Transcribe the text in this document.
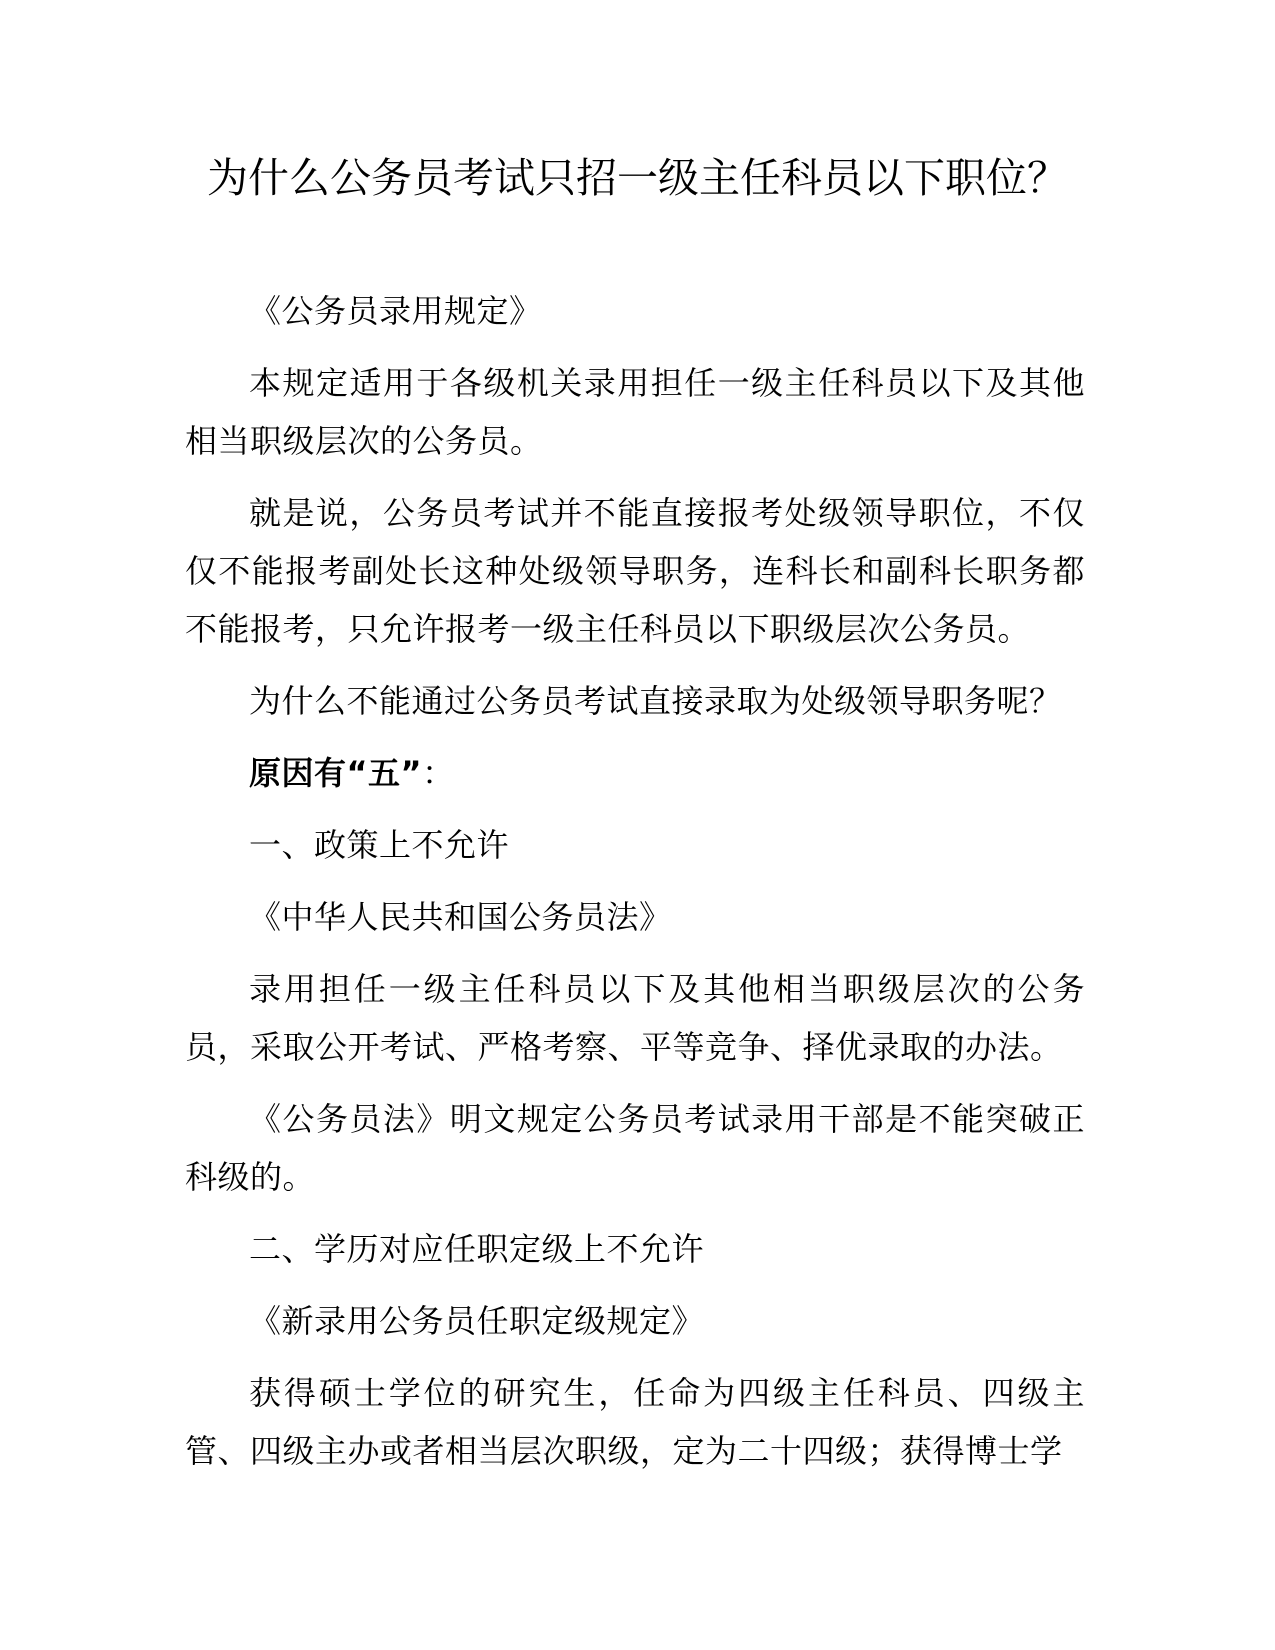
为什么公务员考试只招一级主任科员以下职位？

《公务员录用规定》

本规定适用于各级机关录用担任一级主任科员以下及其他相当职级层次的公务员。

就是说，公务员考试并不能直接报考处级领导职位，不仅仅不能报考副处长这种处级领导职务，连科长和副科长职务都不能报考，只允许报考一级主任科员以下职级层次公务员。

为什么不能通过公务员考试直接录取为处级领导职务呢？

原因有“五”：

一、政策上不允许

《中华人民共和国公务员法》

录用担任一级主任科员以下及其他相当职级层次的公务员，采取公开考试、严格考察、平等竞争、择优录取的办法。

《公务员法》明文规定公务员考试录用干部是不能突破正科级的。

二、学历对应任职定级上不允许

《新录用公务员任职定级规定》

获得硕士学位的研究生，任命为四级主任科员、四级主管、四级主办或者相当层次职级，定为二十四级；获得博士学
